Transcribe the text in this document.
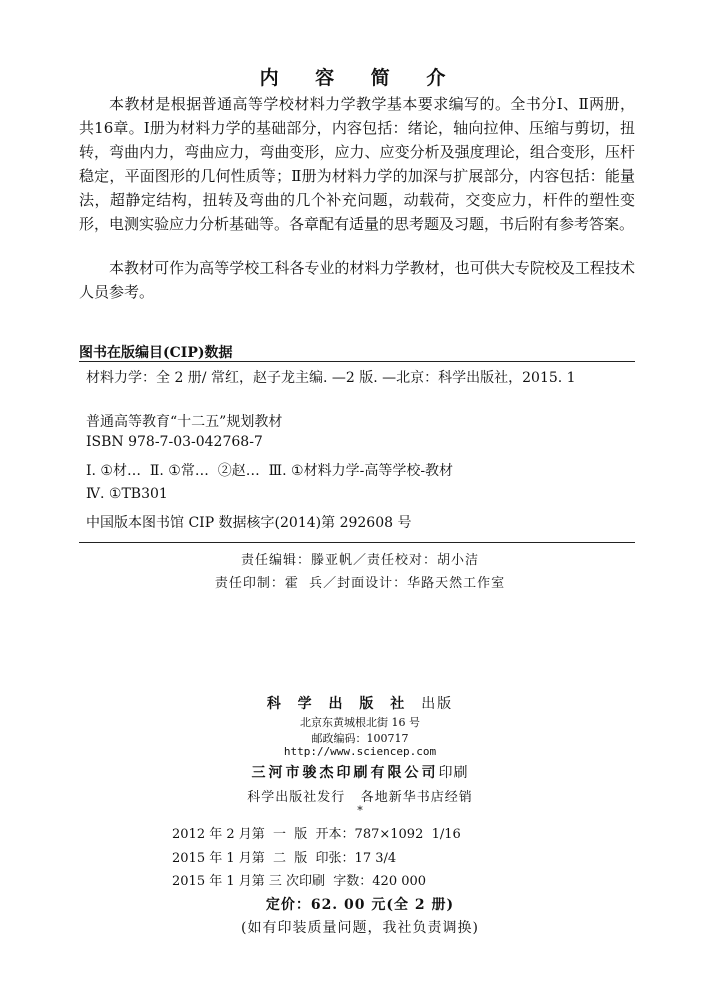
内 容 简 介
本教材是根据普通高等学校材料力学教学基本要求编写的。全书分Ⅰ、Ⅱ两册，共16章。Ⅰ册为材料力学的基础部分，内容包括：绪论，轴向拉伸、压缩与剪切，扭转，弯曲内力，弯曲应力，弯曲变形，应力、应变分析及强度理论，组合变形，压杆稳定，平面图形的几何性质等；Ⅱ册为材料力学的加深与扩展部分，内容包括：能量法，超静定结构，扭转及弯曲的几个补充问题，动载荷，交变应力，杆件的塑性变形，电测实验应力分析基础等。各章配有适量的思考题及习题，书后附有参考答案。
本教材可作为高等学校工科各专业的材料力学教材，也可供大专院校及工程技术人员参考。
图书在版编目(CIP)数据
材料力学：全 2 册/ 常红，赵子龙主编. —2 版. —北京：科学出版社，2015. 1
普通高等教育“十二五”规划教材
ISBN 978-7-03-042768-7
Ⅰ. ①材…  Ⅱ. ①常…  ②赵…  Ⅲ. ①材料力学-高等学校-教材
Ⅳ. ①TB301
中国版本图书馆 CIP 数据核字(2014)第 292608 号
责任编辑：滕亚帆／责任校对：胡小洁
责任印制：霍  兵／封面设计：华路天然工作室
科 学 出 版 社 出版
北京东黄城根北街 16 号
邮政编码：100717
http://www.sciencep.com
三河市骏杰印刷有限公司印刷
科学出版社发行   各地新华书店经销
*
2012 年 2 月第  一  版  开本：787×1092  1/16
2015 年 1 月第  二  版  印张：17 3/4
2015 年 1 月第 三 次印刷  字数：420 000
定价：62. 00 元(全 2 册)
(如有印装质量问题，我社负责调换)
